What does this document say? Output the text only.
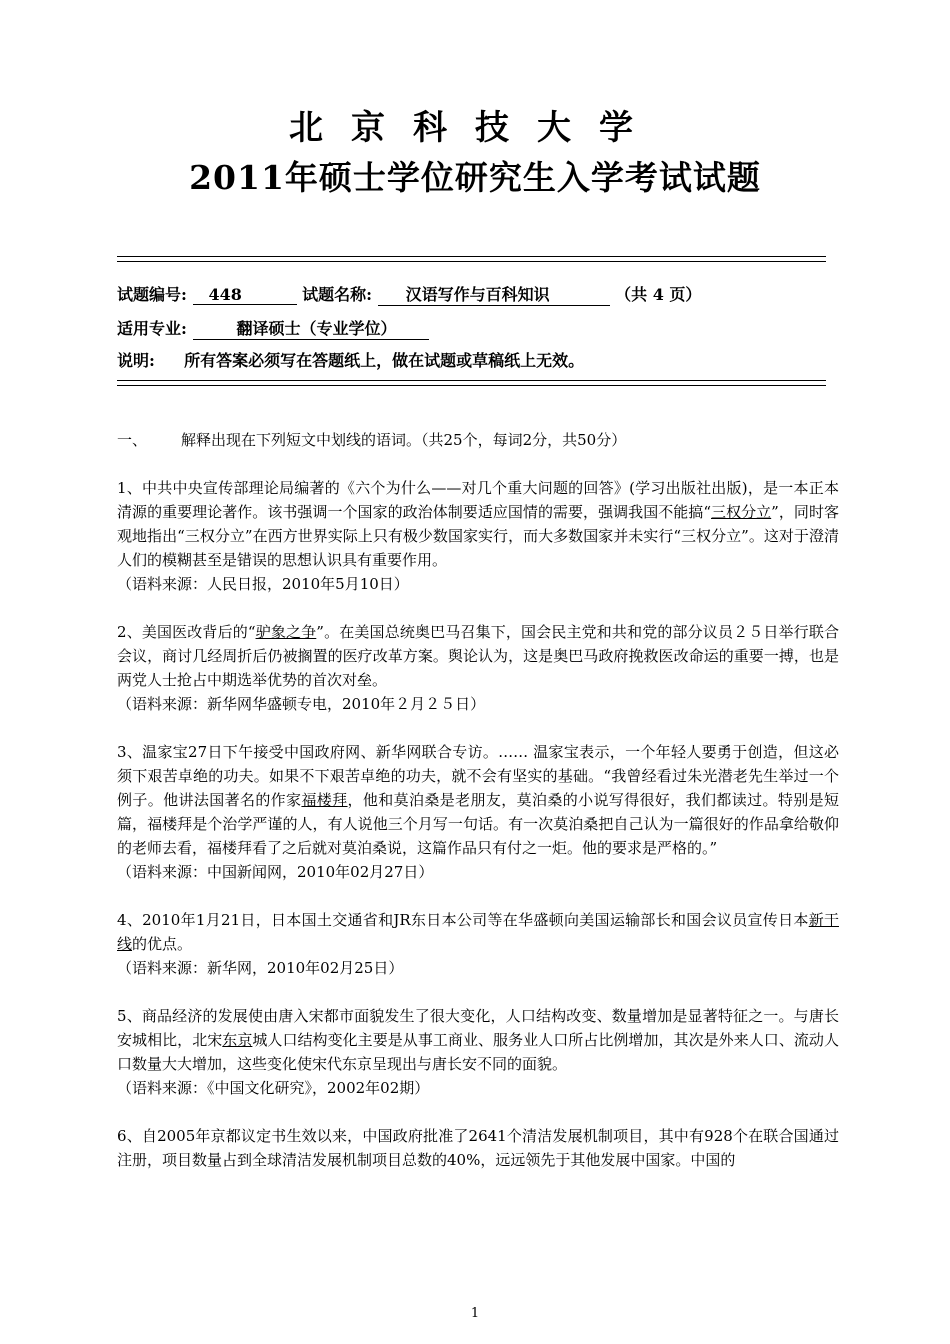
北京科技大学
2011年硕士学位研究生入学考试试题
试题编号: 448	试题名称: 汉语写作与百科知识	（共 4 页）
适用专业:	翻译硕士（专业学位）
说明: 所有答案必须写在答题纸上，做在试题或草稿纸上无效。

一、 解释出现在下列短文中划线的语词。（共25个，每词2分，共50分）

1、中共中央宣传部理论局编著的《六个为什么——对几个重大问题的回答》(学习出版社出版)，是一本正本清源的重要理论著作。该书强调一个国家的政治体制要适应国情的需要，强调我国不能搞“三权分立”，同时客观地指出“三权分立”在西方世界实际上只有极少数国家实行，而大多数国家并未实行“三权分立”。这对于澄清人们的模糊甚至是错误的思想认识具有重要作用。

（语料来源：人民日报，2010年5月10日）

2、美国医改背后的“驴象之争”。在美国总统奥巴马召集下，国会民主党和共和党的部分议员２５日举行联合会议，商讨几经周折后仍被搁置的医疗改革方案。舆论认为，这是奥巴马政府挽救医改命运的重要一搏，也是两党人士抢占中期选举优势的首次对垒。

（语料来源：新华网华盛顿专电，2010年２月２５日）

3、温家宝27日下午接受中国政府网、新华网联合专访。…… 温家宝表示，一个年轻人要勇于创造，但这必须下艰苦卓绝的功夫。如果不下艰苦卓绝的功夫，就不会有坚实的基础。“我曾经看过朱光潜老先生举过一个例子。他讲法国著名的作家福楼拜，他和莫泊桑是老朋友，莫泊桑的小说写得很好，我们都读过。特别是短篇，福楼拜是个治学严谨的人，有人说他三个月写一句话。有一次莫泊桑把自己认为一篇很好的作品拿给敬仰的老师去看，福楼拜看了之后就对莫泊桑说，这篇作品只有付之一炬。他的要求是严格的。”

（语料来源：中国新闻网，2010年02月27日）

4、2010年1月21日，日本国土交通省和JR东日本公司等在华盛顿向美国运输部长和国会议员宣传日本新干线的优点。

（语料来源：新华网，2010年02月25日）

5、商品经济的发展使由唐入宋都市面貌发生了很大变化，人口结构改变、数量增加是显著特征之一。与唐长安城相比，北宋东京城人口结构变化主要是从事工商业、服务业人口所占比例增加，其次是外来人口、流动人口数量大大增加，这些变化使宋代东京呈现出与唐长安不同的面貌。

（语料来源：《中国文化研究》，2002年02期）

6、自2005年京都议定书生效以来，中国政府批准了2641个清洁发展机制项目，其中有928个在联合国通过注册，项目数量占到全球清洁发展机制项目总数的40%，远远领先于其他发展中国家。中国的

1
